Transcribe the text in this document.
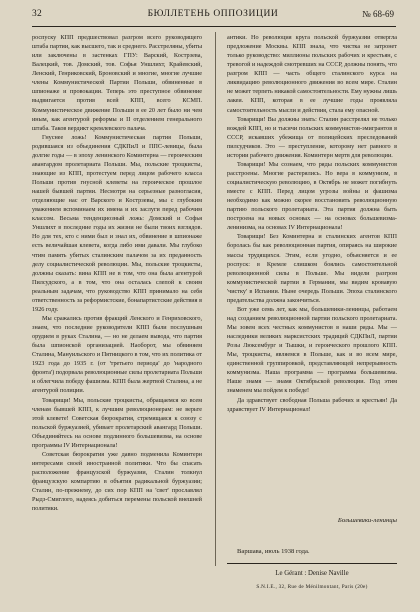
32	БЮЛЛЕТЕНЬ ОППОЗИЦИИ	№ 68-69

роспуску КПП предшествовал разгром всего руководящего штаба партии, как высшего, так и среднего. Расстреляны, убиты или заключены в застенках ГПУ: Варский, Кострзева, Валецкий, тов. Домский, тов. Софья Уншлихт, Крайевский, Ленский, Генриковский, Броновский и многие, многие лучшие члены Коммунистической Партии Польши, обвиненные в шпионаже и провокации. Теперь это преступное обвинение выдвигается против всей КПП, всего КСМП. Коммунистическое движение Польши в ее 20 лет было ни чем иным, как агентурой реформы и II отделением генерального штаба. Таков вердикт кремлевского палача.

Гнуснее ложь! Коммунистическая партия Польши, родившаяся из объединения СДКПиЛ и ППС-левицы, была долгие годы — в эпоху ленинского Коминтерна — героическим авангардом пролетариата Польши. Мы, польские троцкисты, знающие из КПП, протестуем перед лицом рабочего класса Польши против гнусной клеветы на героическое прошлое нашей бывшей партии. Несмотря на серьезные разногласия, отделяющие нас от Варского и Кострзевы, мы с глубоким уважением вспоминаем их имена и их заслуги перед рабочим классом. Весьма тенденциозный ложь: Домский и Софья Уншлихт в последние годы их жизни не были твоих взглядов. Но для тех, кто с ними был и знал их, обвинение в шпионаже есть величайшая клевета, когда либо ими давали. Мы глубоко чтим память убитых сталинским палачом за их преданность делу социалистической революции. Мы, польские троцкисты, должны сказать: вина КПП не в том, что она была агентурой Пилсудского, а в том, что она осталась слепой к своим реальным задачам, что руководство КПП принимало на себя ответственность за реформистские, бонапартистские действия в 1926 году.

Мы сражались против фракций Ленского и Генриховского, знаем, что последние руководители КПП были послушным орудием в руках Сталина, — но не делаем вывода, что партия была шпионской организацией. Наоборот, мы обвиняем Сталина, Мануильского и Пятницкого в том, что их политика от 1923 года до 1935 г. (от 'третьего периода' до 'народного фронта') подорвала революционные силы пролетариата Польши и облегчила победу фашизма. КПП была жертвой Сталина, а не агентурой полиции.

Товарищи! Мы, польские троцкисты, обращаемся ко всем членам бывшей КПП, к лучшим революционерам: не верьте этой клевете! Советская бюрократия, стремящаяся к союзу с польской буржуазией, убивает пролетарский авангард Польши. Объединяйтесь на основе подлинного большевизма, на основе программы IV Интернационала!

Советская бюрократия уже давно подменила Коминтерн интересами своей иностранной политики. Что бы спасать расположение французской буржуазии, Сталин толкнул французскую компартию в объятия радикальной буржуазии; Сталин, по-прежнему, до сих пор КПП на 'свет' прославлял Рыдз-Смиглого, надеясь добиться перемены польской внешней политики.

антики. Но революция круга польской буржуазии отвергла предложение Москвы. КПП знала, что чистка не затронет только руководство: миллионы польских рабочих и крестьян, с тревогой и надеждой смотревших на СССР, должны понять, что разгром КПП — часть общего сталинского курса на ликвидацию революционного движения во всем мире. Сталин не может терпеть никакой самостоятельности. Ему нужны лишь лакеи. КПП, которая в ее лучшие годы проявляла самостоятельность мысли и действия, стала ему опасной.

Товарищи! Вы должны знать: Сталин расстрелял не только вождей КПП, но и тысячи польских коммунистов-эмигрантов в СССР, искавших убежища от полицейских преследований пилсудчиков. Это — преступление, которому нет равного в истории рабочего движения. Коминтерн мертв для революции.

Товарищи! Мы сознаем, что ряды польских коммунистов расстроены. Многие растерялись. Но вера в коммунизм, в социалистическую революцию, в Октябрь не может погибнуть вместе с КПП. Перед лицом угрозы войны и фашизма необходимо как можно скорее восстановить революционную партию польского пролетариата. Эта партия должна быть построена на новых основах — на основах большевизма-ленинизма, на основах IV Интернационала!

Товарищи! Без Коминтерна и сталинских агентов КПП боролась бы как революционная партия, опираясь на широкие массы трудящихся. Этим, если угодно, объясняется и ее роспуск: в Кремле слишком боялись самостоятельной революционной силы в Польше. Мы видели разгром коммунистической партии в Германии, мы видим кровавую 'чистку' в Испании. Ныне очередь Польши. Эпоха сталинского предательства должна закончиться.

Вот уже семь лет, как мы, большевики-ленинцы, работаем над созданием революционной партии польского пролетариата. Мы зовем всех честных коммунистов в наши ряды. Мы — наследники великих марксистских традиций СДКПиЛ, партии Розы Люксембург и Тышки, и героического прошлого КПП. Мы, троцкисты, являемся в Польше, как и во всем мире, единственной группировкой, представляющей непрерывность коммунизма. Наша программа — программа большевизма. Наше знамя — знамя Октябрьской революции. Под этим знаменем мы пойдем к победе!

Да здравствует свободная Польша рабочих и крестьян! Да здравствует IV Интернационал!

Большевики-ленинцы
Варшава, июль 1938 года.
Le Gérant : Denise Naville
S.N.I.E., 32, Rue de Ménilmontant, Paris (20e)
